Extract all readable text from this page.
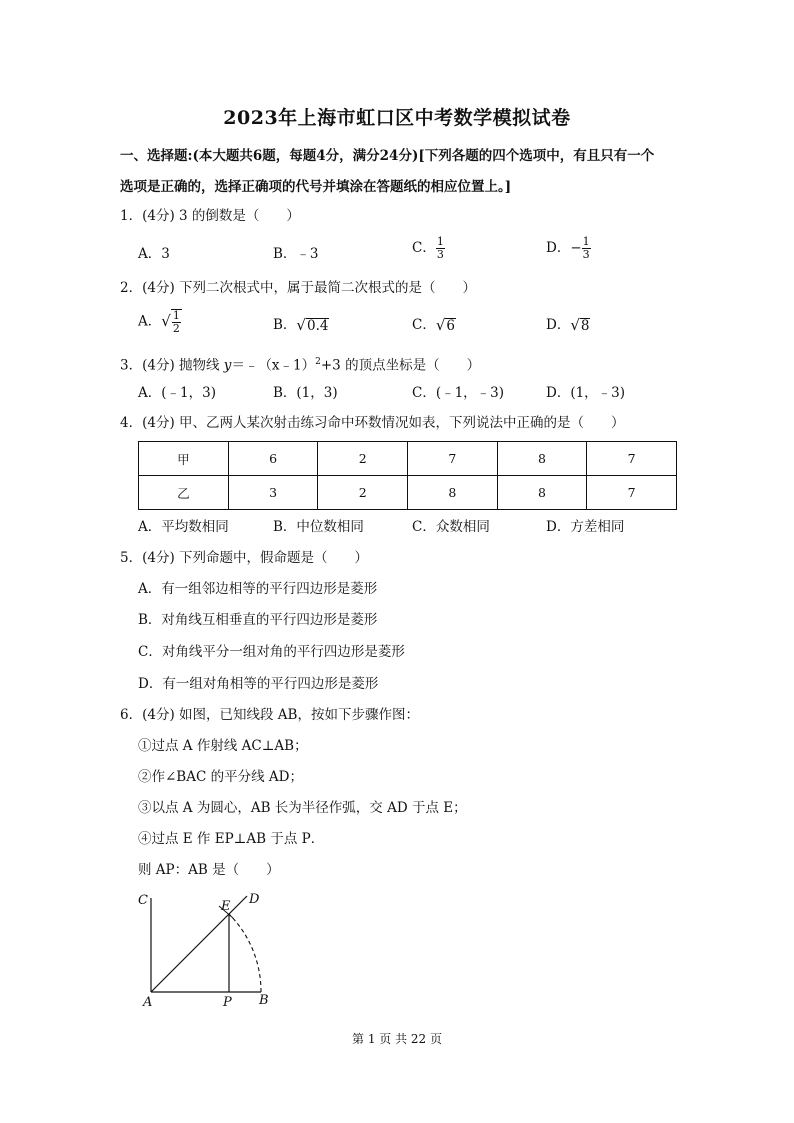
2023年上海市虹口区中考数学模拟试卷
一、选择题:(本大题共6题，每题4分，满分24分)[下列各题的四个选项中，有且只有一个
选项是正确的，选择正确项的代号并填涂在答题纸的相应位置上。]
1．(4分) 3 的倒数是（　　）
A．3	B．﹣3	C． $\frac{1}{3}$	D．− $\frac{1}{3}$
2．(4分) 下列二次根式中，属于最简二次根式的是（　　）
A．√ $\frac{1}{2}$	B．√0.4	C．√6	D．√8
3．(4分) 抛物线 y＝﹣（x﹣1）$^2$+3 的顶点坐标是（　　）
A．(﹣1，3)	B．(1，3)	C．(﹣1，﹣3)	D．(1，﹣3)
4．(4分) 甲、乙两人某次射击练习命中环数情况如表，下列说法中正确的是（　　）
甲	6	2	7	8	7
乙	3	2	8	8	7
A．平均数相同	B．中位数相同	C．众数相同	D．方差相同
5．(4分) 下列命题中，假命题是（　　）
A．有一组邻边相等的平行四边形是菱形
B．对角线互相垂直的平行四边形是菱形
C．对角线平分一组对角的平行四边形是菱形
D．有一组对角相等的平行四边形是菱形
6．(4分) 如图，已知线段 AB，按如下步骤作图：
①过点 A 作射线 AC⊥AB；
②作∠BAC 的平分线 AD；
③以点 A 为圆心，AB 长为半径作弧，交 AD 于点 E；
④过点 E 作 EP⊥AB 于点 P．
则 AP：AB 是（　　）
C	E D
A	P B
第 1 页 共 22 页
